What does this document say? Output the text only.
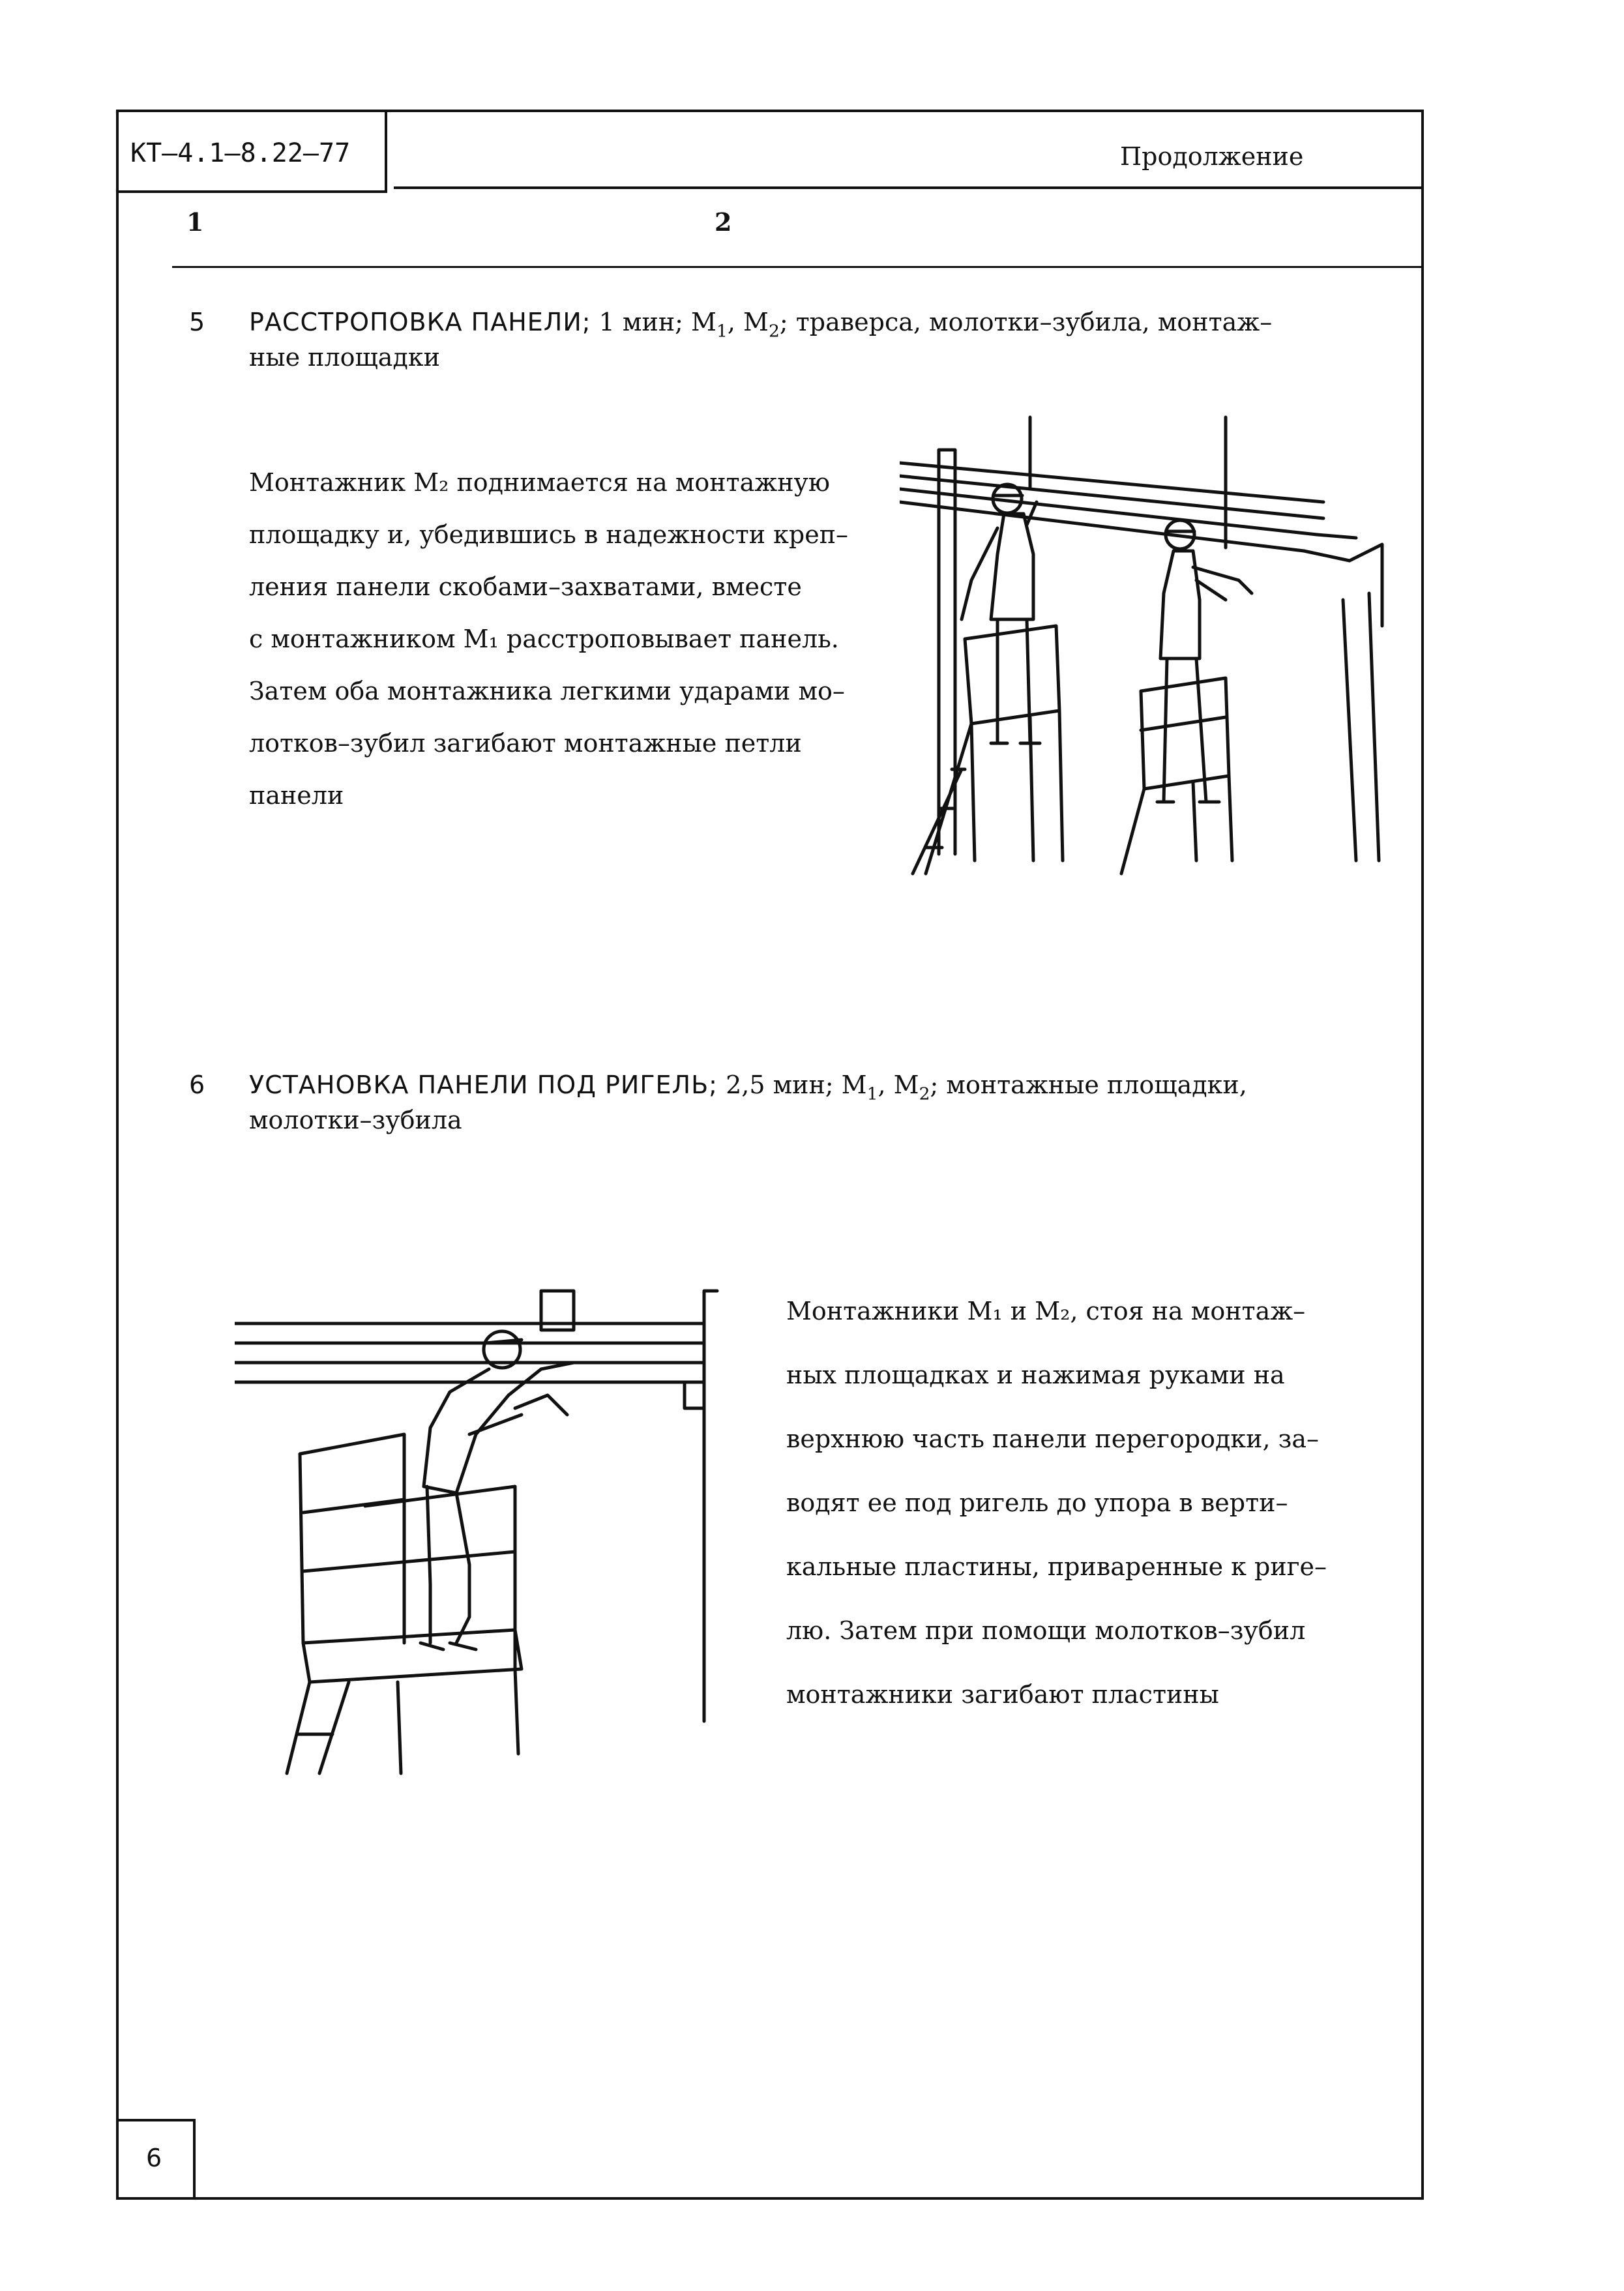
КТ–4.1–8.22–77	Продолжение
1	2
5 РАССТРОПОВКА ПАНЕЛИ; 1 мин; $М_1$, $М_2$; траверса, молотки–зубила, монтаж–
ные площадки
Монтажник М₂ поднимается на монтажную
площадку и, убедившись в надежности креп–
ления панели скобами–захватами, вместе
с монтажником М₁ расстроповывает панель.
Затем оба монтажника легкими ударами мо–
лотков–зубил загибают монтажные петли
панели
6 УСТАНОВКА ПАНЕЛИ ПОД РИГЕЛЬ; 2,5 мин; $М_1$, $М_2$; монтажные площадки,
молотки–зубила
Монтажники М₁ и М₂, стоя на монтаж–
ных площадках и нажимая руками на
верхнюю часть панели перегородки, за–
водят ее под ригель до упора в верти–
кальные пластины, приваренные к риге–
лю. Затем при помощи молотков–зубил
монтажники загибают пластины
6
